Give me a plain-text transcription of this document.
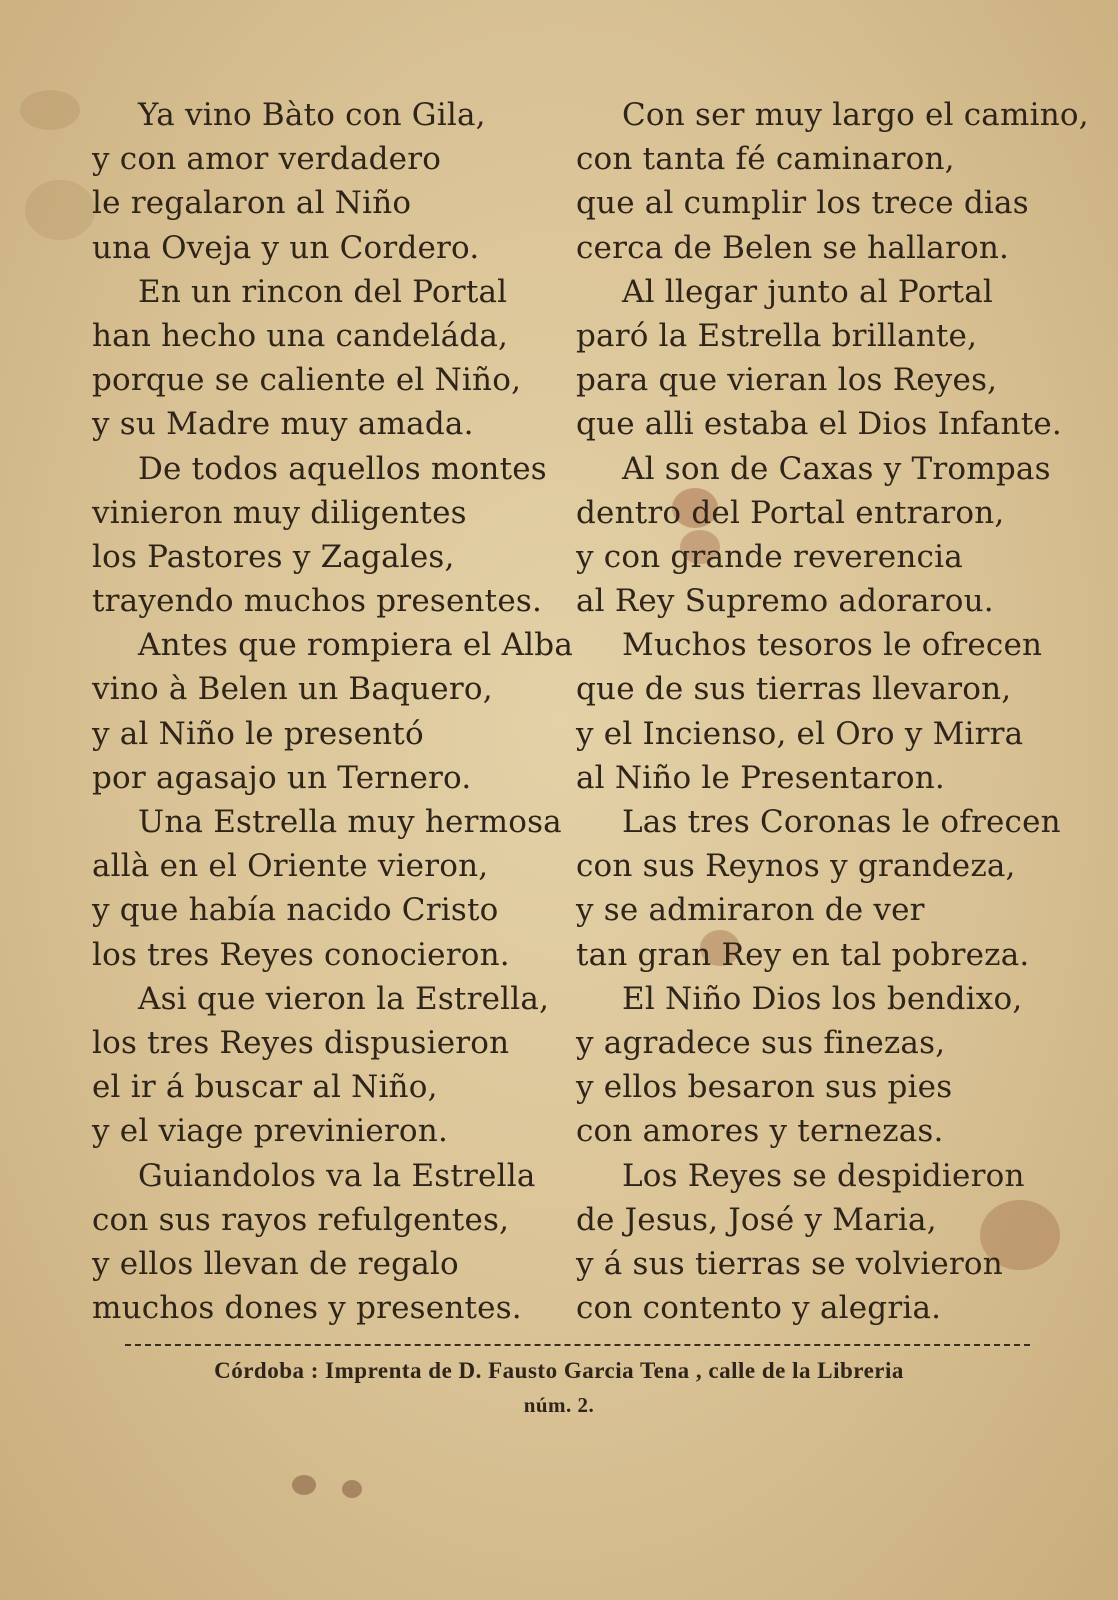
Ya vino Bàto con Gila,
y con amor verdadero
le regalaron al Niño
una Oveja y un Cordero.
En un rincon del Portal
han hecho una candeláda,
porque se caliente el Niño,
y su Madre muy amada.
De todos aquellos montes
vinieron muy diligentes
los Pastores y Zagales,
trayendo muchos presentes.
Antes que rompiera el Alba
vino à Belen un Baquero,
y al Niño le presentó
por agasajo un Ternero.
Una Estrella muy hermosa
allà en el Oriente vieron,
y que había nacido Cristo
los tres Reyes conocieron.
Asi que vieron la Estrella,
los tres Reyes dispusieron
el ir á buscar al Niño,
y el viage previnieron.
Guiandolos va la Estrella
con sus rayos refulgentes,
y ellos llevan de regalo
muchos dones y presentes.
Con ser muy largo el camino,
con tanta fé caminaron,
que al cumplir los trece dias
cerca de Belen se hallaron.
Al llegar junto al Portal
paró la Estrella brillante,
para que vieran los Reyes,
que alli estaba el Dios Infante.
Al son de Caxas y Trompas
dentro del Portal entraron,
y con grande reverencia
al Rey Supremo adorarou.
Muchos tesoros le ofrecen
que de sus tierras llevaron,
y el Incienso, el Oro y Mirra
al Niño le Presentaron.
Las tres Coronas le ofrecen
con sus Reynos y grandeza,
y se admiraron de ver
tan gran Rey en tal pobreza.
El Niño Dios los bendixo,
y agradece sus finezas,
y ellos besaron sus pies
con amores y ternezas.
Los Reyes se despidieron
de Jesus, José y Maria,
y á sus tierras se volvieron
con contento y alegria.
Córdoba : Imprenta de D. Fausto Garcia Tena , calle de la Libreria
núm. 2.
